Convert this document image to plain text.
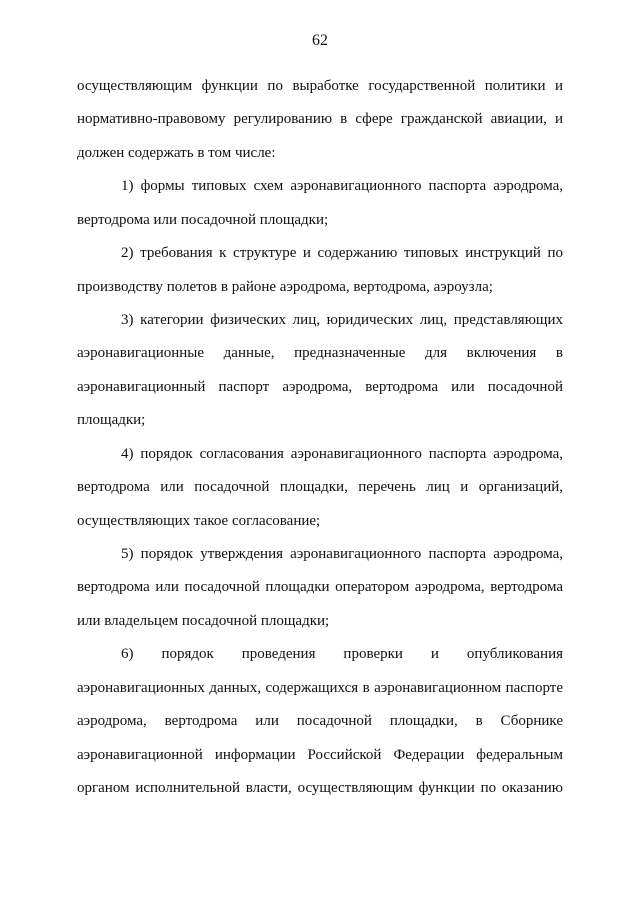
62
осуществляющим функции по выработке государственной политики и
нормативно-правовому регулированию в сфере гражданской авиации, и
должен содержать в том числе:
1) формы типовых схем аэронавигационного паспорта аэродрома,
вертодрома или посадочной площадки;
2) требования к структуре и содержанию типовых инструкций по
производству полетов в районе аэродрома, вертодрома, аэроузла;
3) категории физических лиц, юридических лиц, представляющих
аэронавигационные данные, предназначенные для включения в
аэронавигационный паспорт аэродрома, вертодрома или посадочной
площадки;
4) порядок согласования аэронавигационного паспорта аэродрома,
вертодрома или посадочной площадки, перечень лиц и организаций,
осуществляющих такое согласование;
5) порядок утверждения аэронавигационного паспорта аэродрома,
вертодрома или посадочной площадки оператором аэродрома, вертодрома
или владельцем посадочной площадки;
6) порядок проведения проверки и опубликования
аэронавигационных данных, содержащихся в аэронавигационном паспорте
аэродрома, вертодрома или посадочной площадки, в Сборнике
аэронавигационной информации Российской Федерации федеральным
органом исполнительной власти, осуществляющим функции по оказанию
